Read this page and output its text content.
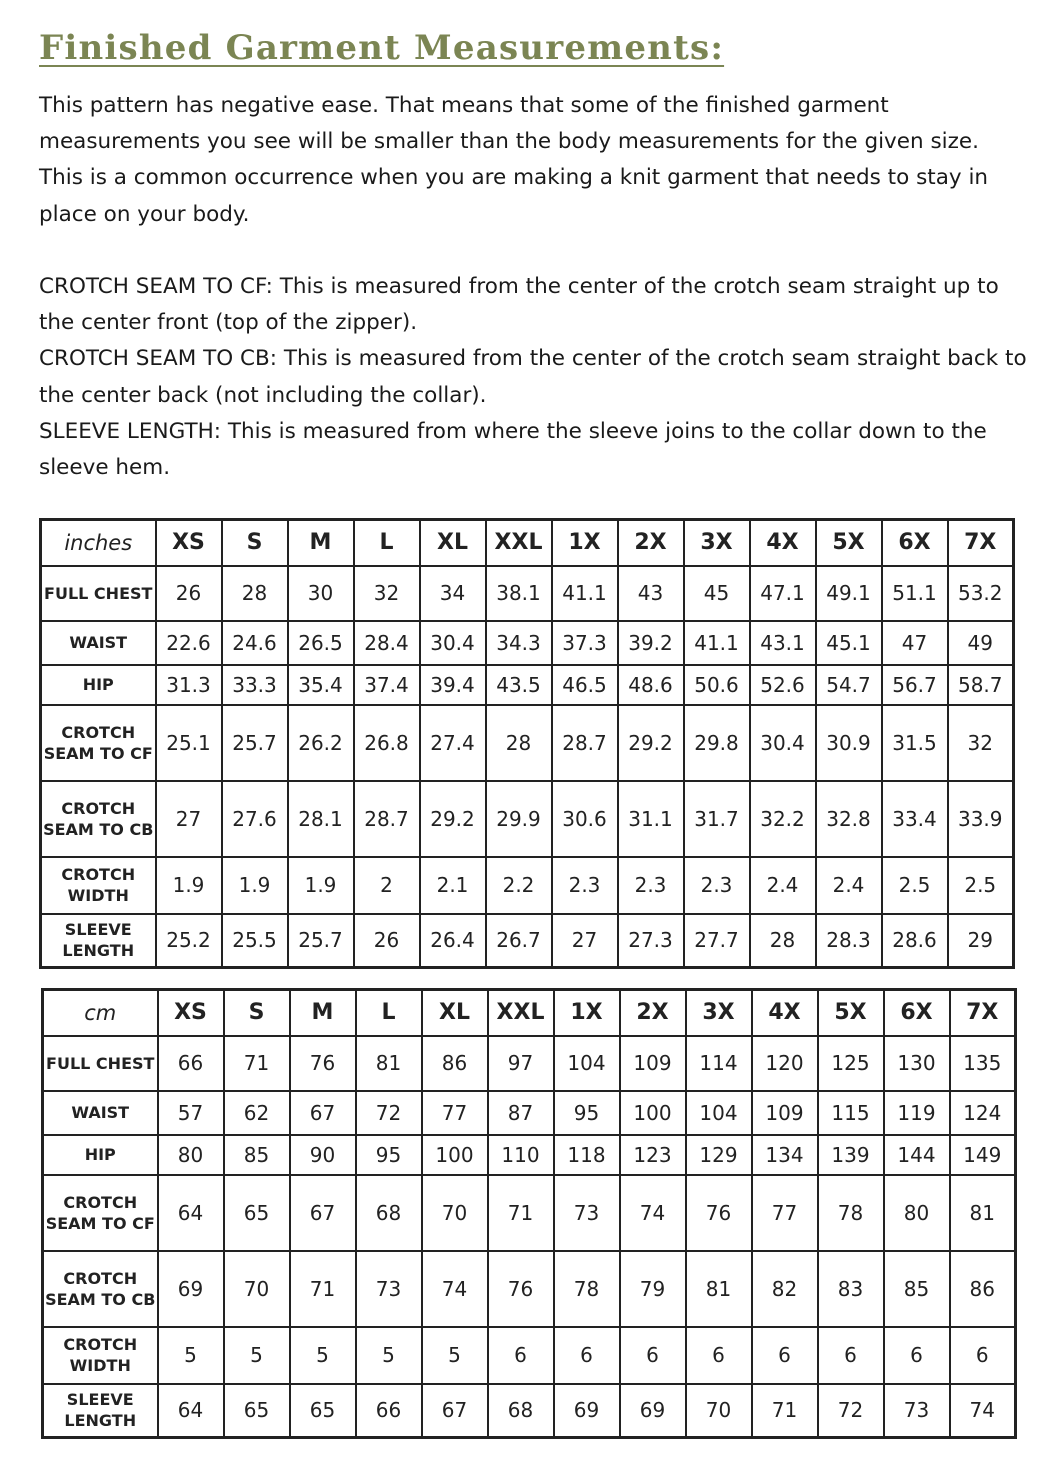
Finished Garment Measurements:

This pattern has negative ease. That means that some of the finished garment measurements you see will be smaller than the body measurements for the given size. This is a common occurrence when you are making a knit garment that needs to stay in place on your body.

CROTCH SEAM TO CF: This is measured from the center of the crotch seam straight up to the center front (top of the zipper).

CROTCH SEAM TO CB: This is measured from the center of the crotch seam straight back to the center back (not including the collar).

SLEEVE LENGTH: This is measured from where the sleeve joins to the collar down to the sleeve hem.

inches	XS	S	M	L	XL	XXL	1X	2X	3X	4X	5X	6X	7X
FULL CHEST	26	28	30	32	34	38.1	41.1	43	45	47.1	49.1	51.1	53.2
WAIST	22.6	24.6	26.5	28.4	30.4	34.3	37.3	39.2	41.1	43.1	45.1	47	49
HIP	31.3	33.3	35.4	37.4	39.4	43.5	46.5	48.6	50.6	52.6	54.7	56.7	58.7
CROTCH SEAM TO CF	25.1	25.7	26.2	26.8	27.4	28	28.7	29.2	29.8	30.4	30.9	31.5	32
CROTCH SEAM TO CB	27	27.6	28.1	28.7	29.2	29.9	30.6	31.1	31.7	32.2	32.8	33.4	33.9
CROTCH WIDTH	1.9	1.9	1.9	2	2.1	2.2	2.3	2.3	2.3	2.4	2.4	2.5	2.5
SLEEVE LENGTH	25.2	25.5	25.7	26	26.4	26.7	27	27.3	27.7	28	28.3	28.6	29
cm	XS	S	M	L	XL	XXL	1X	2X	3X	4X	5X	6X	7X
FULL CHEST	66	71	76	81	86	97	104	109	114	120	125	130	135
WAIST	57	62	67	72	77	87	95	100	104	109	115	119	124
HIP	80	85	90	95	100	110	118	123	129	134	139	144	149
CROTCH SEAM TO CF	64	65	67	68	70	71	73	74	76	77	78	80	81
CROTCH SEAM TO CB	69	70	71	73	74	76	78	79	81	82	83	85	86
CROTCH WIDTH	5	5	5	5	5	6	6	6	6	6	6	6	6
SLEEVE LENGTH	64	65	65	66	67	68	69	69	70	71	72	73	74
